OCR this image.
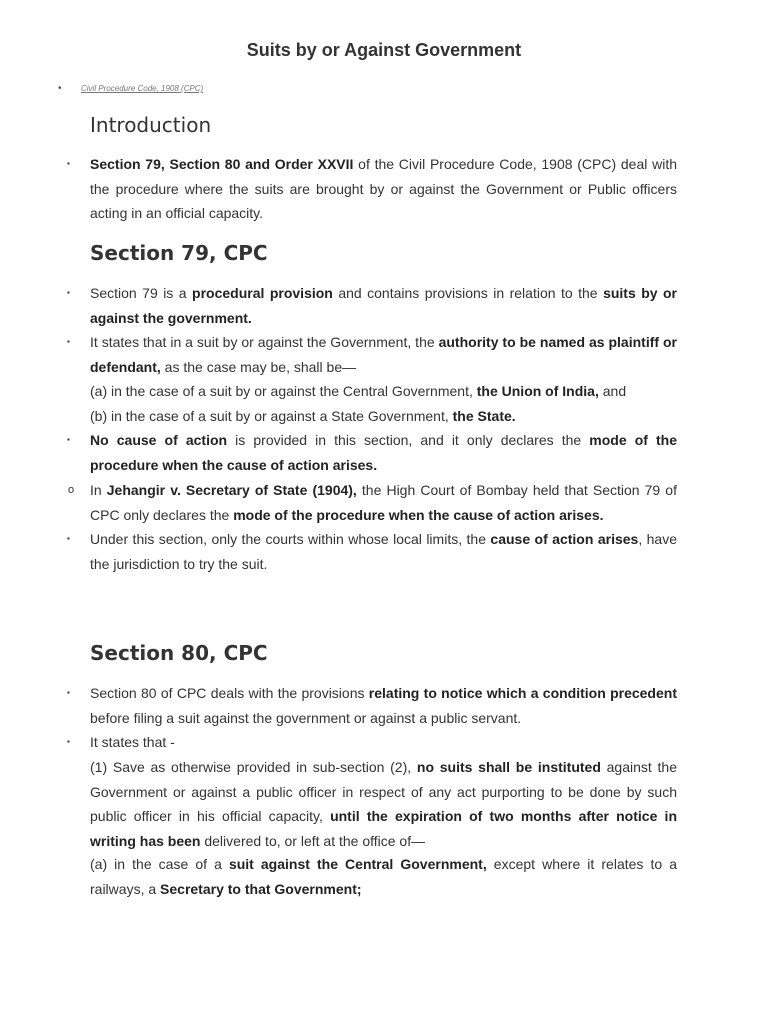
Suits by or Against Government
•	Civil Procedure Code, 1908 (CPC)
Introduction
▪ Section 79, Section 80 and Order XXVII of the Civil Procedure Code, 1908 (CPC) deal with the procedure where the suits are brought by or against the Government or Public officers acting in an official capacity.
Section 79, CPC
▪ Section 79 is a procedural provision and contains provisions in relation to the suits by or against the government.
▪ It states that in a suit by or against the Government, the authority to be named as plaintiff or defendant, as the case may be, shall be—
(a) in the case of a suit by or against the Central Government, the Union of India, and
(b) in the case of a suit by or against a State Government, the State.
▪ No cause of action is provided in this section, and it only declares the mode of the procedure when the cause of action arises.
o In Jehangir v. Secretary of State (1904), the High Court of Bombay held that Section 79 of CPC only declares the mode of the procedure when the cause of action arises.
▪ Under this section, only the courts within whose local limits, the cause of action arises, have the jurisdiction to try the suit.
Section 80, CPC
▪ Section 80 of CPC deals with the provisions relating to notice which a condition precedent before filing a suit against the government or against a public servant.
▪ It states that -
(1) Save as otherwise provided in sub-section (2), no suits shall be instituted against the Government or against a public officer in respect of any act purporting to be done by such public officer in his official capacity, until the expiration of two months after notice in writing has been delivered to, or left at the office of—
(a) in the case of a suit against the Central Government, except where it relates to a railways, a Secretary to that Government;
